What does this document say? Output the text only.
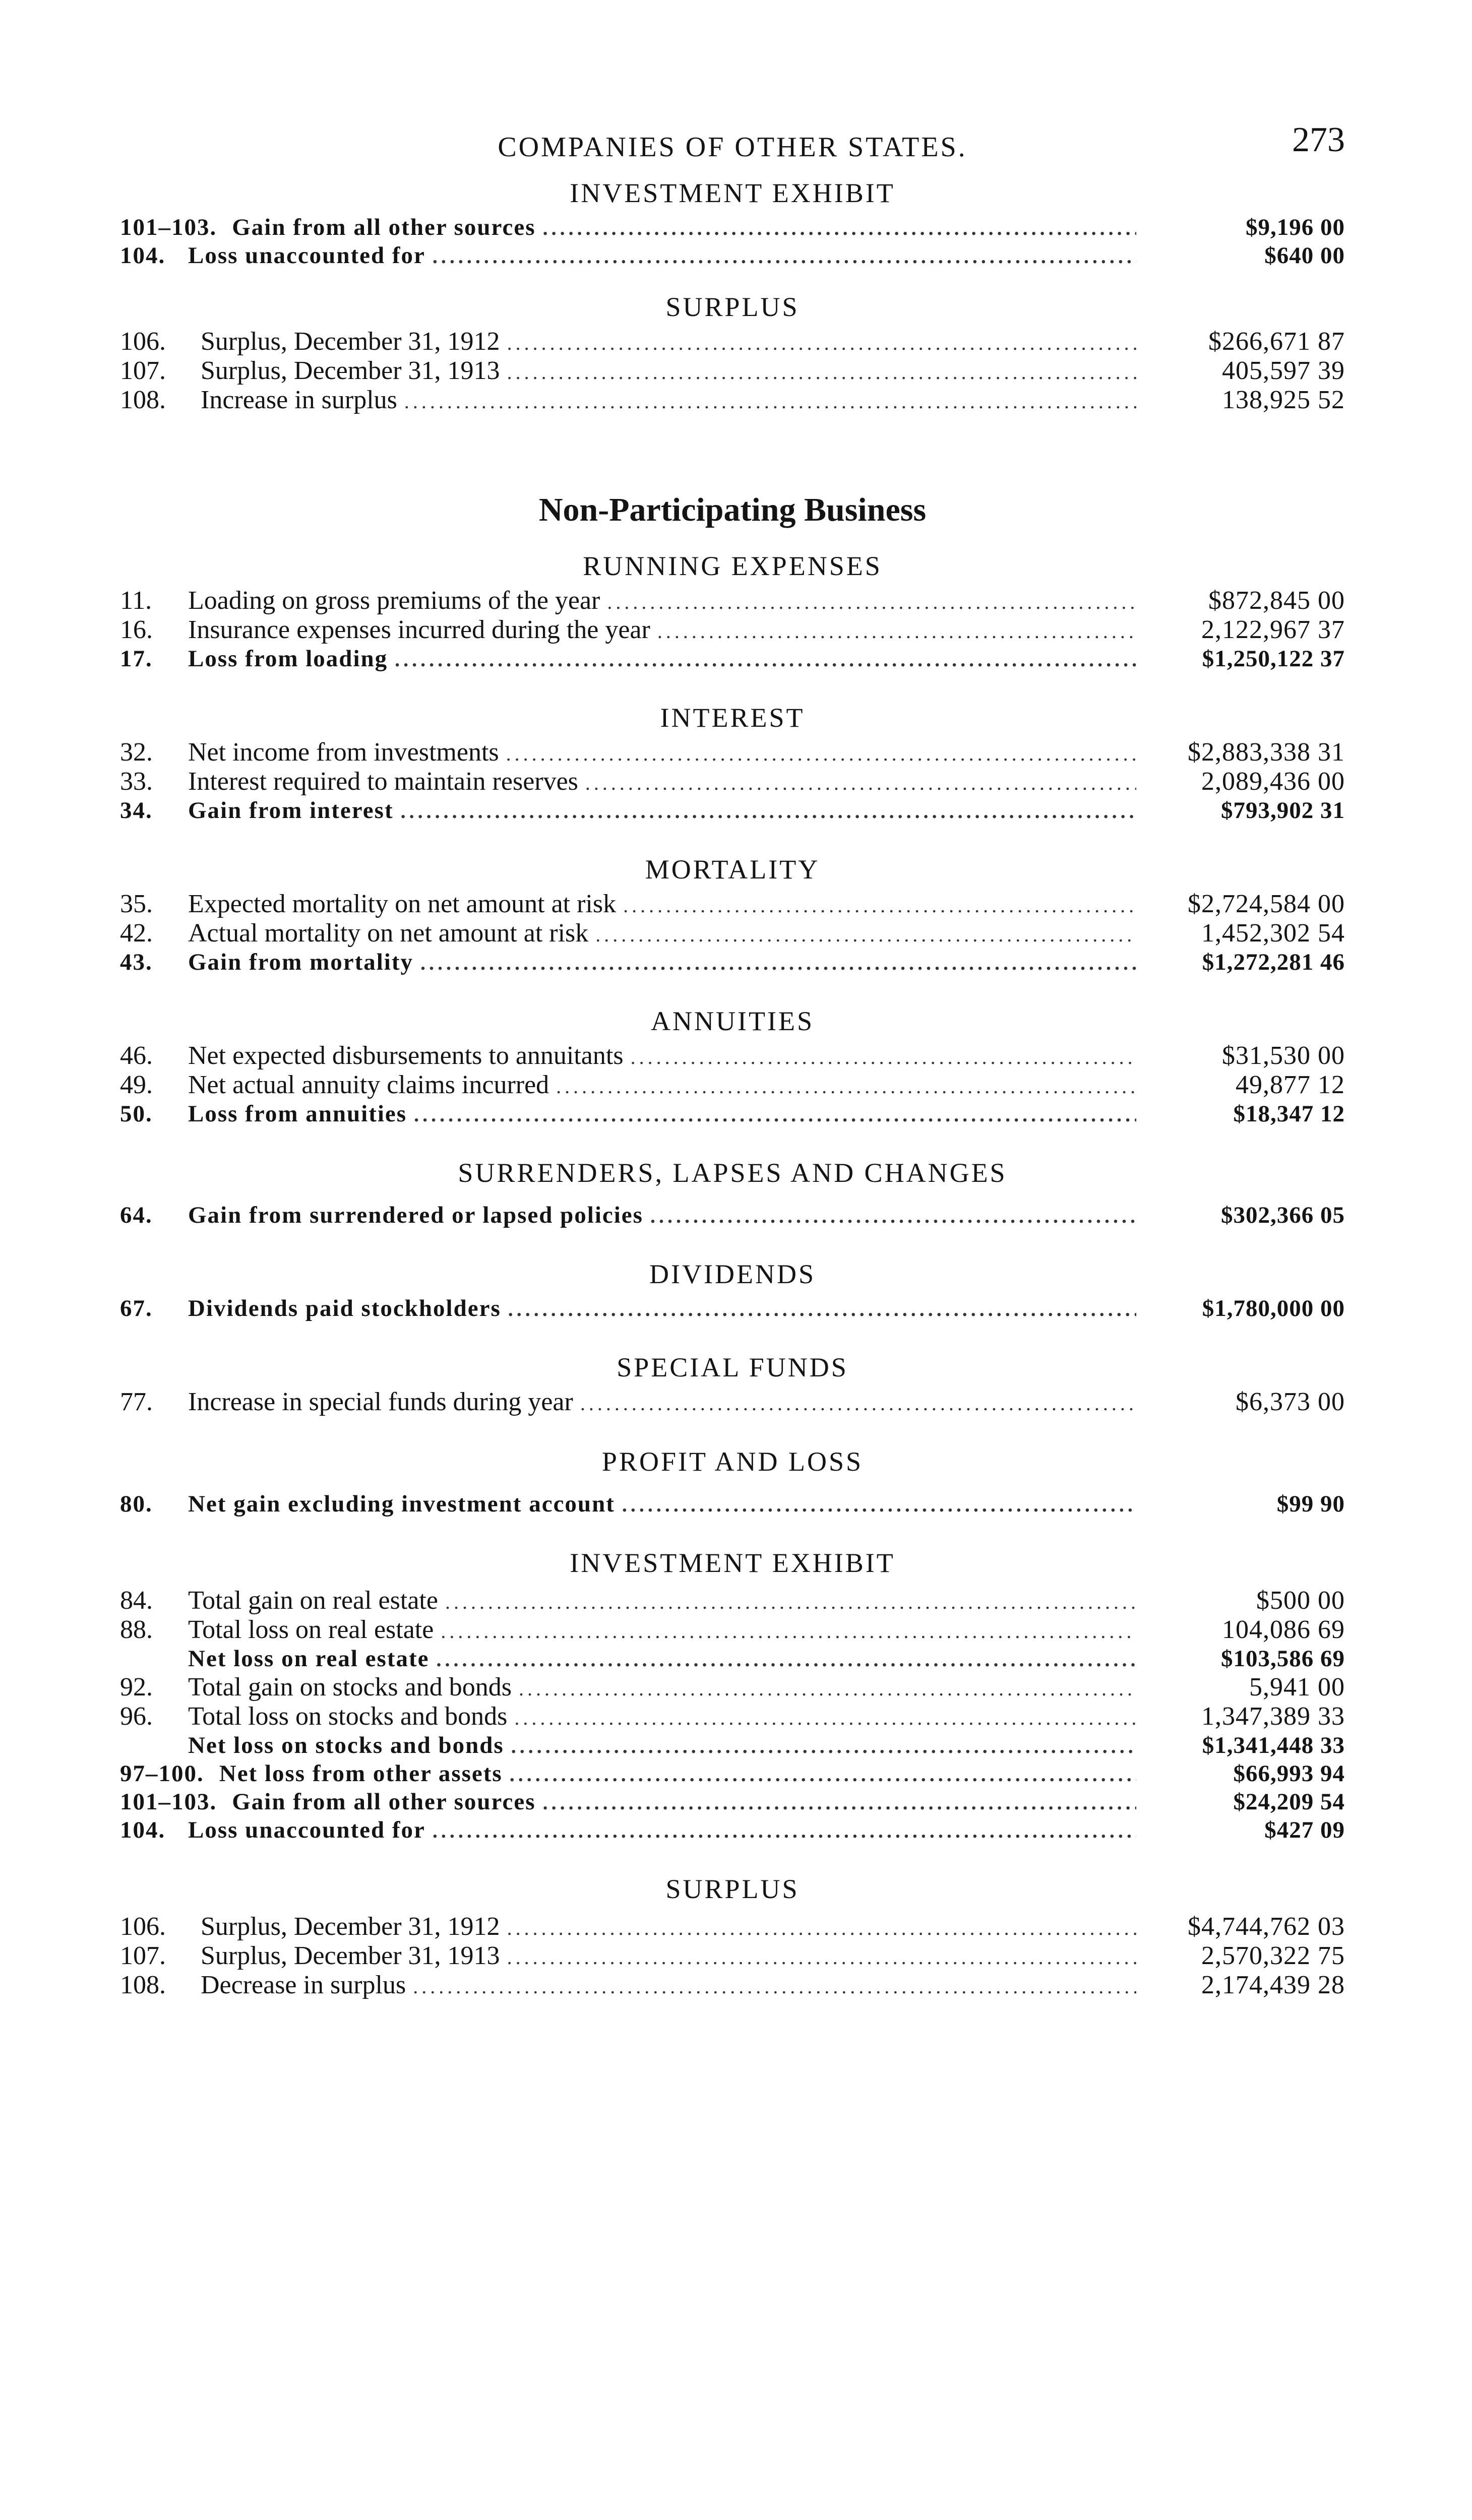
COMPANIES OF OTHER STATES.	273
INVESTMENT EXHIBIT
101–103. Gain from all other sources .....	$9,196 00
104. Loss unaccounted for .....	$640 00
SURPLUS
106.	Surplus, December 31, 1912 .....	$266,671 87
107.	Surplus, December 31, 1913 .....	405,597 39
108.	Increase in surplus .....	138,925 52
Non-Participating Business
RUNNING EXPENSES
11.	Loading on gross premiums of the year .....	$872,845 00
16.	Insurance expenses incurred during the year .....	2,122,967 37
17.	Loss from loading .....	$1,250,122 37
INTEREST
32.	Net income from investments .....	$2,883,338 31
33.	Interest required to maintain reserves .....	2,089,436 00
34.	Gain from interest .....	$793,902 31
MORTALITY
35.	Expected mortality on net amount at risk .....	$2,724,584 00
42.	Actual mortality on net amount at risk .....	1,452,302 54
43.	Gain from mortality .....	$1,272,281 46
ANNUITIES
46.	Net expected disbursements to annuitants .....	$31,530 00
49.	Net actual annuity claims incurred .....	49,877 12
50.	Loss from annuities .....	$18,347 12
SURRENDERS, LAPSES AND CHANGES
64.	Gain from surrendered or lapsed policies .....	$302,366 05
DIVIDENDS
67.	Dividends paid stockholders .....	$1,780,000 00
SPECIAL FUNDS
77.	Increase in special funds during year .....	$6,373 00
PROFIT AND LOSS
80.	Net gain excluding investment account .....	$99 90
INVESTMENT EXHIBIT
84.	Total gain on real estate .....	$500 00
88.	Total loss on real estate .....	104,086 69
Net loss on real estate .....	$103,586 69
92.	Total gain on stocks and bonds .....	5,941 00
96.	Total loss on stocks and bonds .....	1,347,389 33
Net loss on stocks and bonds .....	$1,341,448 33
97–100. Net loss from other assets .....	$66,993 94
101–103. Gain from all other sources .....	$24,209 54
104. Loss unaccounted for .....	$427 09
SURPLUS
106.	Surplus, December 31, 1912 .....	$4,744,762 03
107.	Surplus, December 31, 1913 .....	2,570,322 75
108.	Decrease in surplus .....	2,174,439 28
